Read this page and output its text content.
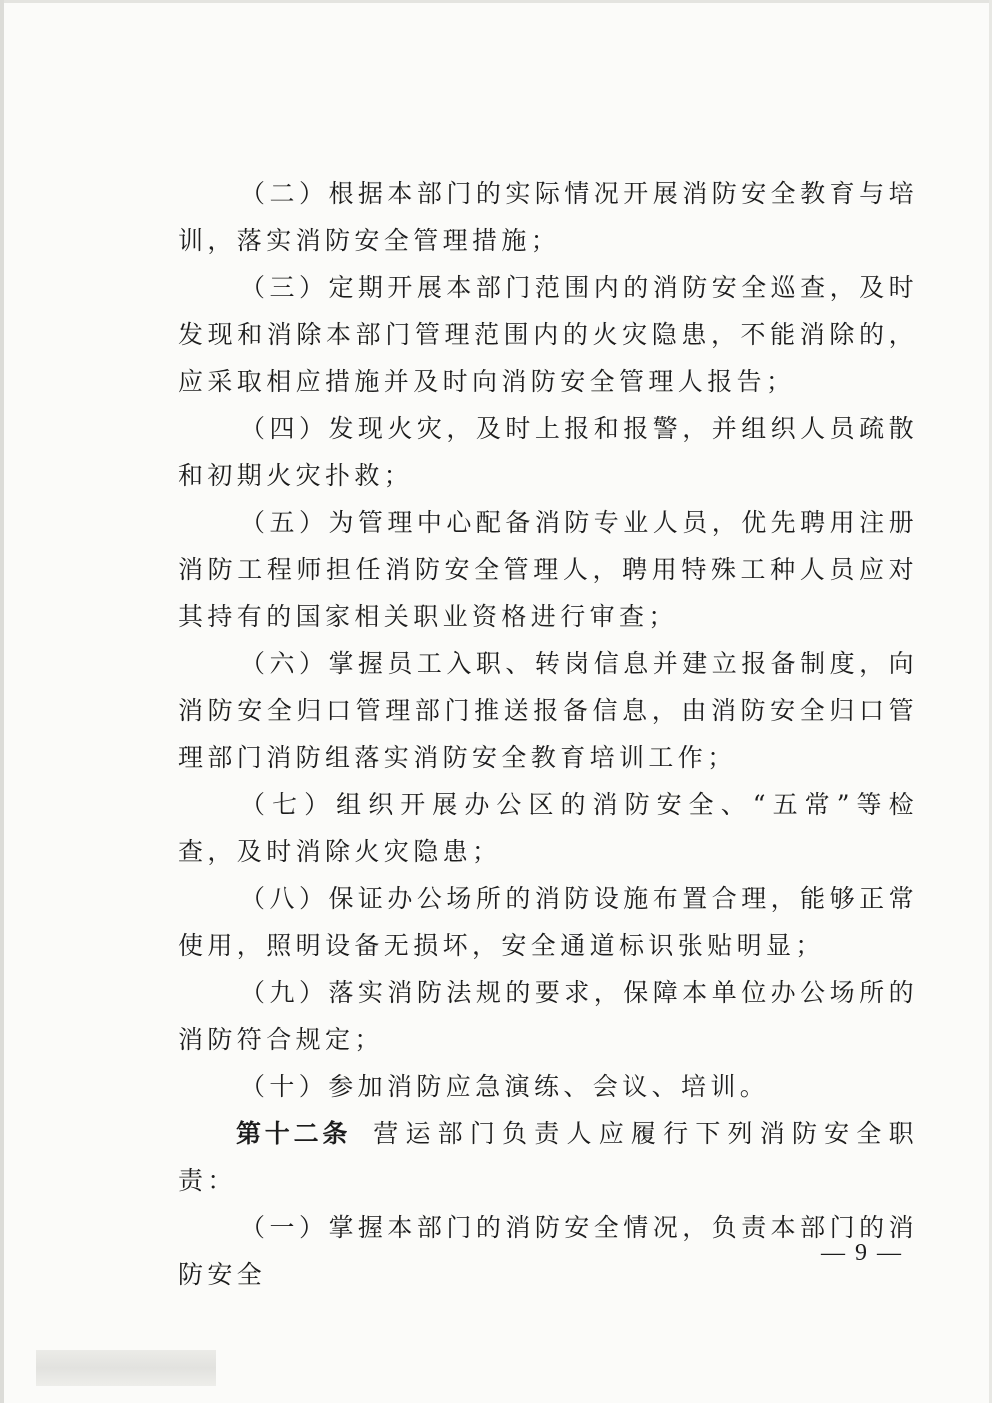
（二）根据本部门的实际情况开展消防安全教育与培训，落实消防安全管理措施；

（三）定期开展本部门范围内的消防安全巡查，及时发现和消除本部门管理范围内的火灾隐患，不能消除的，应采取相应措施并及时向消防安全管理人报告；

（四）发现火灾，及时上报和报警，并组织人员疏散和初期火灾扑救；

（五）为管理中心配备消防专业人员，优先聘用注册消防工程师担任消防安全管理人，聘用特殊工种人员应对其持有的国家相关职业资格进行审查；

（六）掌握员工入职、转岗信息并建立报备制度，向消防安全归口管理部门推送报备信息，由消防安全归口管理部门消防组落实消防安全教育培训工作；

（七）组织开展办公区的消防安全、“五常”等检查，及时消除火灾隐患；

（八）保证办公场所的消防设施布置合理，能够正常使用，照明设备无损坏，安全通道标识张贴明显；

（九）落实消防法规的要求，保障本单位办公场所的消防符合规定；

（十）参加消防应急演练、会议、培训。

第十二条 营运部门负责人应履行下列消防安全职责：

（一）掌握本部门的消防安全情况，负责本部门的消防安全

— 9 —
